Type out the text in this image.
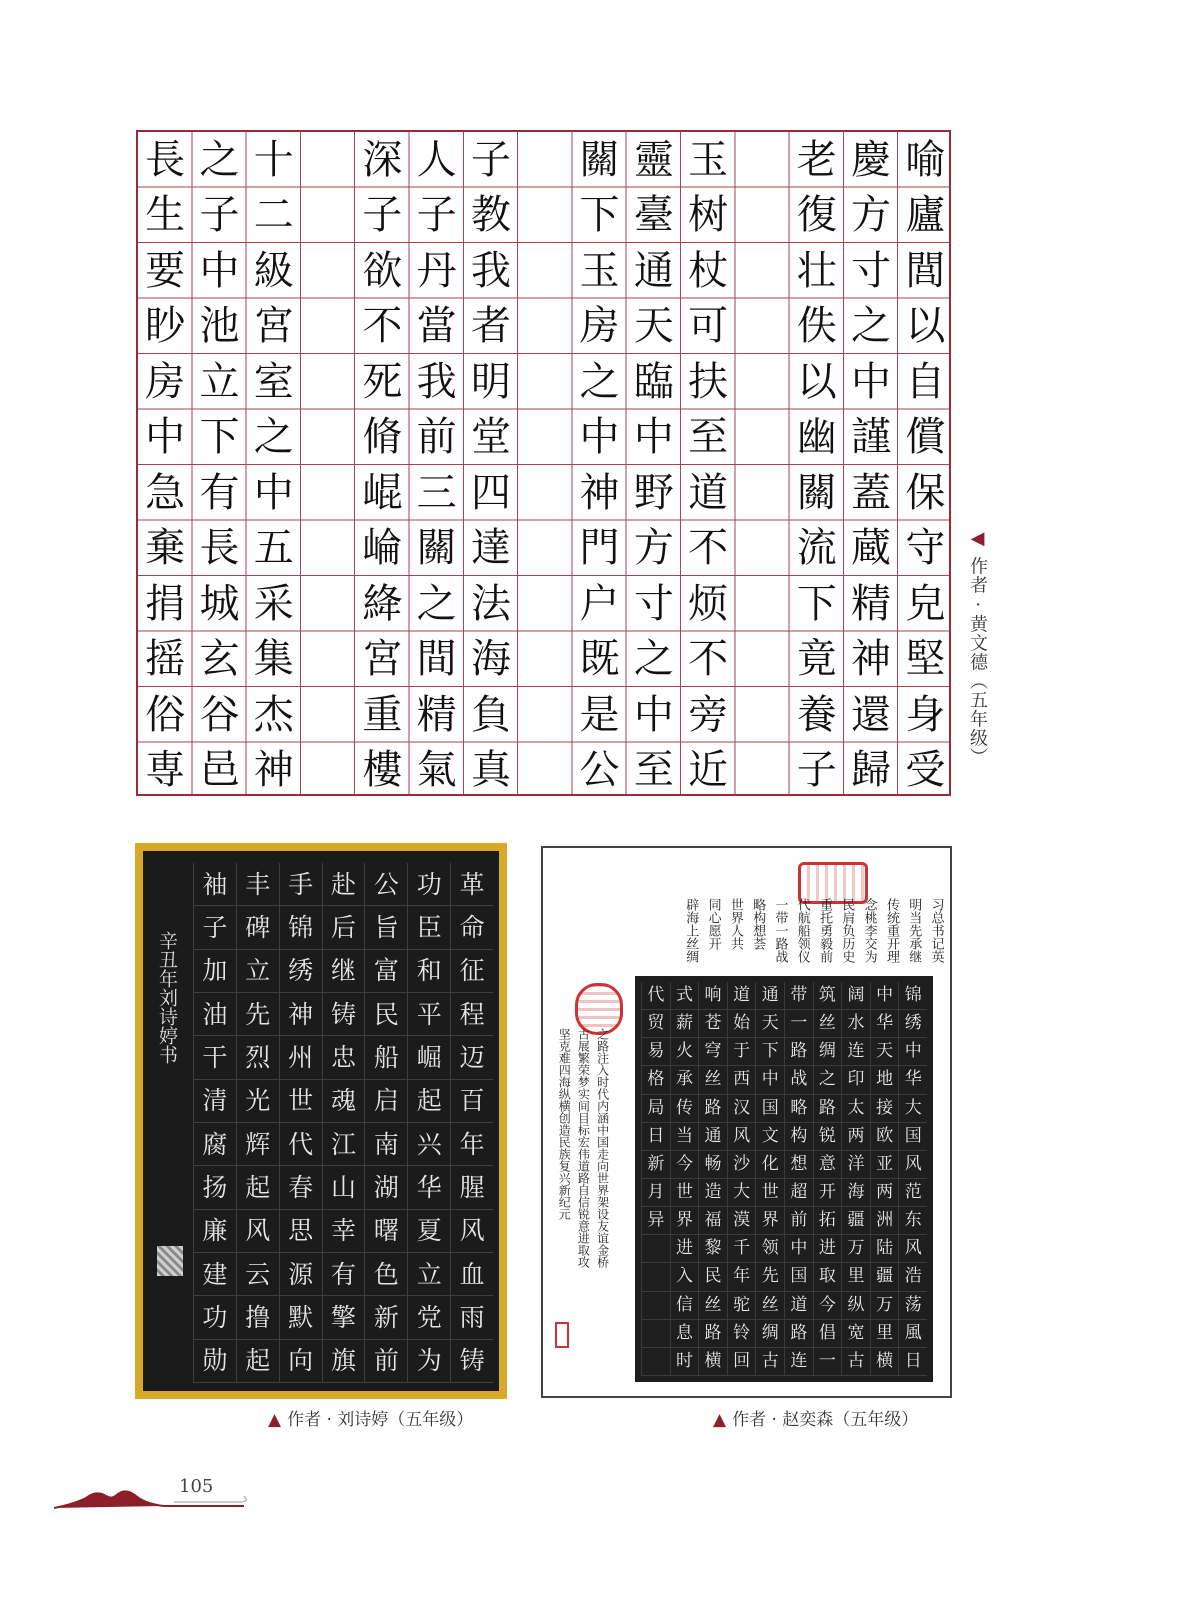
喻
廬
閭
以
自
償
保
守
皃
堅
身
受
慶
方
寸
之
中
謹
蓋
蔵
精
神
還
歸
老
復
壮
佚
以
幽
關
流
下
竟
養
子
玉
树
杖
可
扶
至
道
不
烦
不
旁
近
靈
臺
通
天
臨
中
野
方
寸
之
中
至
關
下
玉
房
之
中
神
門
户
既
是
公
子
教
我
者
明
堂
四
達
法
海
負
真
人
子
丹
當
我
前
三
關
之
間
精
氣
深
子
欲
不
死
脩
崐
崘
絳
宮
重
樓
十
二
級
宮
室
之
中
五
采
集
杰
神
之
子
中
池
立
下
有
長
城
玄
谷
邑
長
生
要
眇
房
中
急
棄
捐
摇
俗
専
◀ 作者 · 黄文德（五年级）
革
命
征
程
迈
百
年
腥
风
血
雨
铸
功
臣
和
平
崛
起
兴
华
夏
立
党
为
公
旨
富
民
船
启
南
湖
曙
色
新
前
赴
后
继
铸
忠
魂
江
山
幸
有
擎
旗
手
锦
绣
神
州
世
代
春
思
源
默
向
丰
碑
立
先
烈
光
辉
起
风
云
撸
起
袖
子
加
油
干
清
腐
扬
廉
建
功
勋
辛丑年刘诗婷书
▲ 作者 · 刘诗婷（五年级）
习总书记英
明当先承继
传统重开理
念桃李交为
民肩负历史
重托勇毅前
代航船领仪
一带一路战
略构想荟
世界人共
同心愿开
辟海上丝绸
之路注入时代内涵中国走向世界架设友谊金桥
古展繁荣梦实间目标宏伟道路自信锐意进取攻
坚克难四海纵横创造民族复兴新纪元
锦
绣
中
华
大
国
风
范
东
风
浩
荡
風
日
中
华
天
地
接
欧
亚
两
洲
陆
疆
万
里
横
阔
水
连
印
太
两
洋
海
疆
万
里
纵
宽
古
筑
丝
绸
之
路
锐
意
开
拓
进
取
今
倡
一
带
一
路
战
略
构
想
超
前
中
国
道
路
连
通
天
下
中
国
文
化
世
界
领
先
丝
绸
古
道
始
于
西
汉
风
沙
大
漠
千
年
驼
铃
回
响
苍
穹
丝
路
通
畅
造
福
黎
民
丝
路
横
式
薪
火
承
传
当
今
世
界
进
入
信
息
时
代
贸
易
格
局
日
新
月
异
▲ 作者 · 赵奕森（五年级）
105
